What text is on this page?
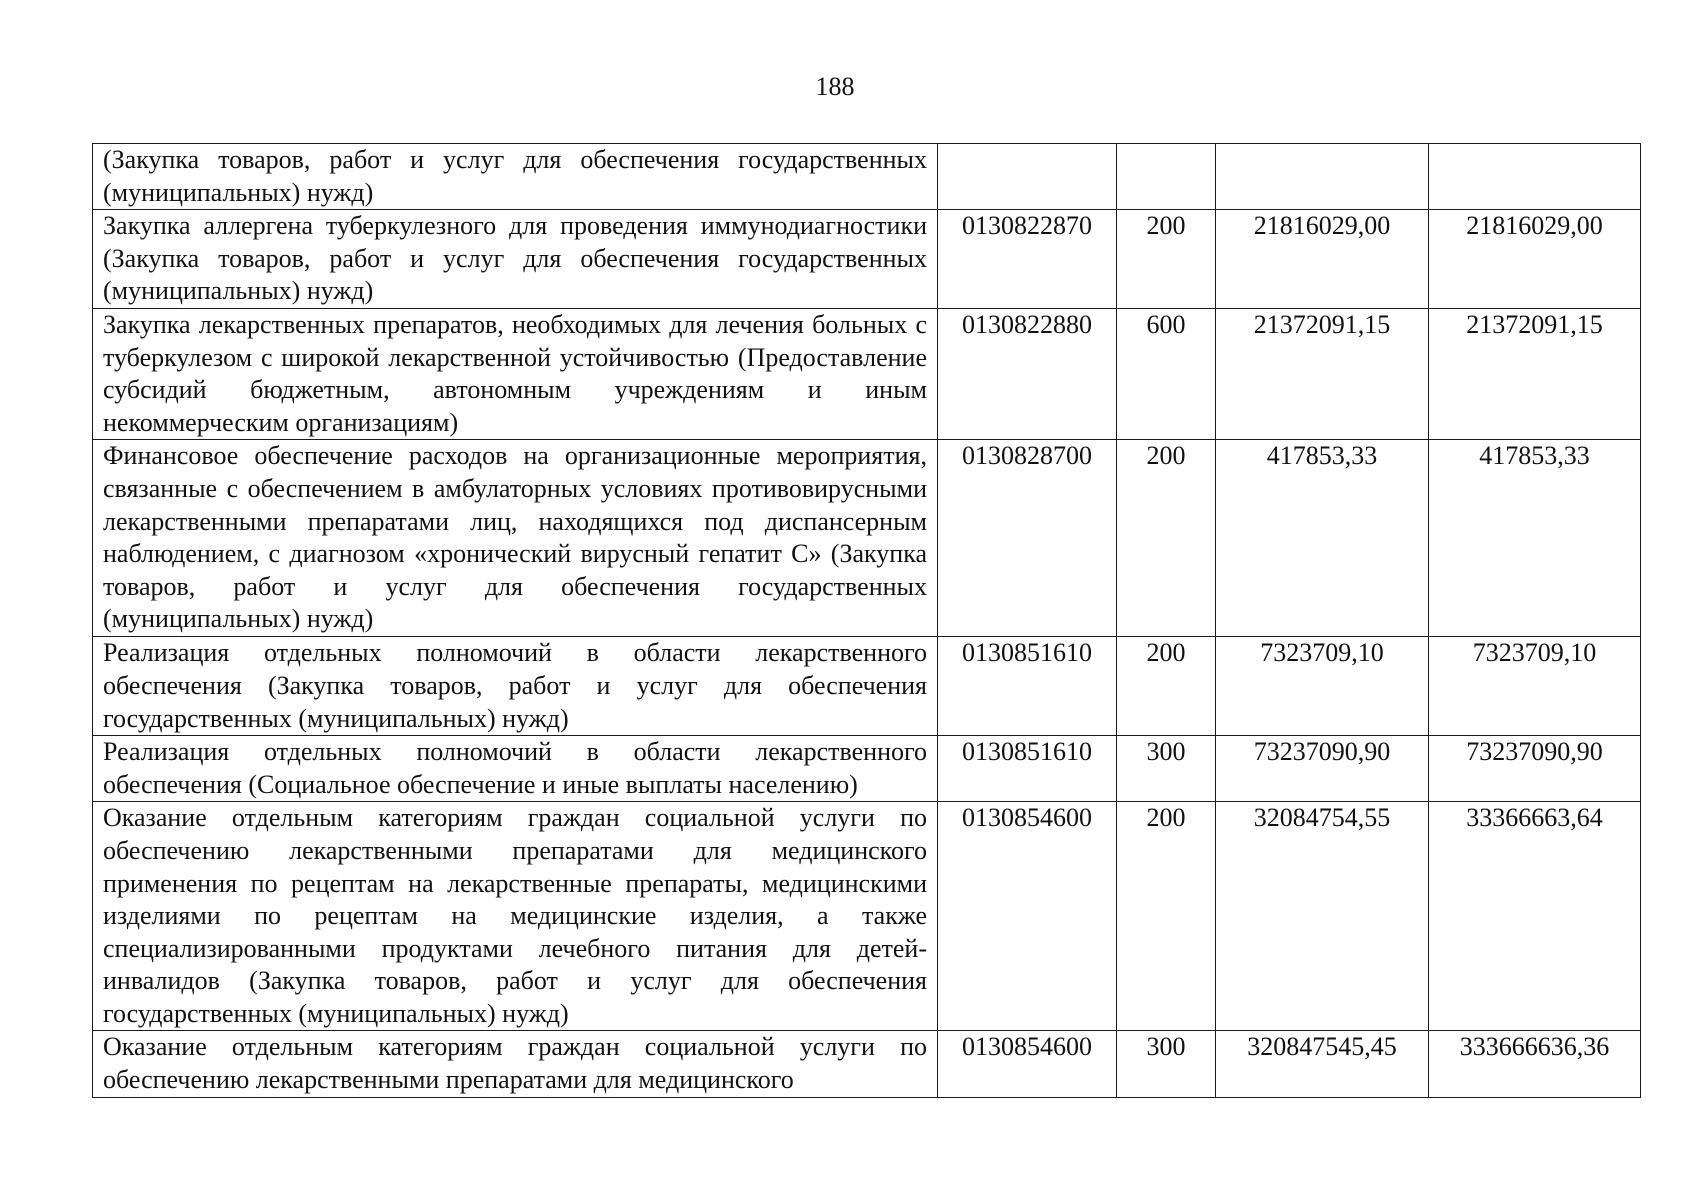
188
(Закупка товаров, работ и услуг для обеспечения государственных (муниципальных) нужд)				
Закупка аллергена туберкулезного для проведения иммунодиагностики (Закупка товаров, работ и услуг для обеспечения государственных (муниципальных) нужд)	0130822870	200	21816029,00	21816029,00
Закупка лекарственных препаратов, необходимых для лечения больных с туберкулезом с широкой лекарственной устойчивостью (Предоставление субсидий бюджетным, автономным учреждениям и иным некоммерческим организациям)	0130822880	600	21372091,15	21372091,15
Финансовое обеспечение расходов на организационные мероприятия, связанные с обеспечением в амбулаторных условиях противовирусными лекарственными препаратами лиц, находящихся под диспансерным наблюдением, с диагнозом «хронический вирусный гепатит С» (Закупка товаров, работ и услуг для обеспечения государственных (муниципальных) нужд)	0130828700	200	417853,33	417853,33
Реализация отдельных полномочий в области лекарственного обеспечения (Закупка товаров, работ и услуг для обеспечения государственных (муниципальных) нужд)	0130851610	200	7323709,10	7323709,10
Реализация отдельных полномочий в области лекарственного обеспечения (Социальное обеспечение и иные выплаты населению)	0130851610	300	73237090,90	73237090,90
Оказание отдельным категориям граждан социальной услуги по обеспечению лекарственными препаратами для медицинского применения по рецептам на лекарственные препараты, медицинскими изделиями по рецептам на медицинские изделия, а также специализированными продуктами лечебного питания для детей-инвалидов (Закупка товаров, работ и услуг для обеспечения государственных (муниципальных) нужд)	0130854600	200	32084754,55	33366663,64
Оказание отдельным категориям граждан социальной услуги по обеспечению лекарственными препаратами для медицинского	0130854600	300	320847545,45	333666636,36
